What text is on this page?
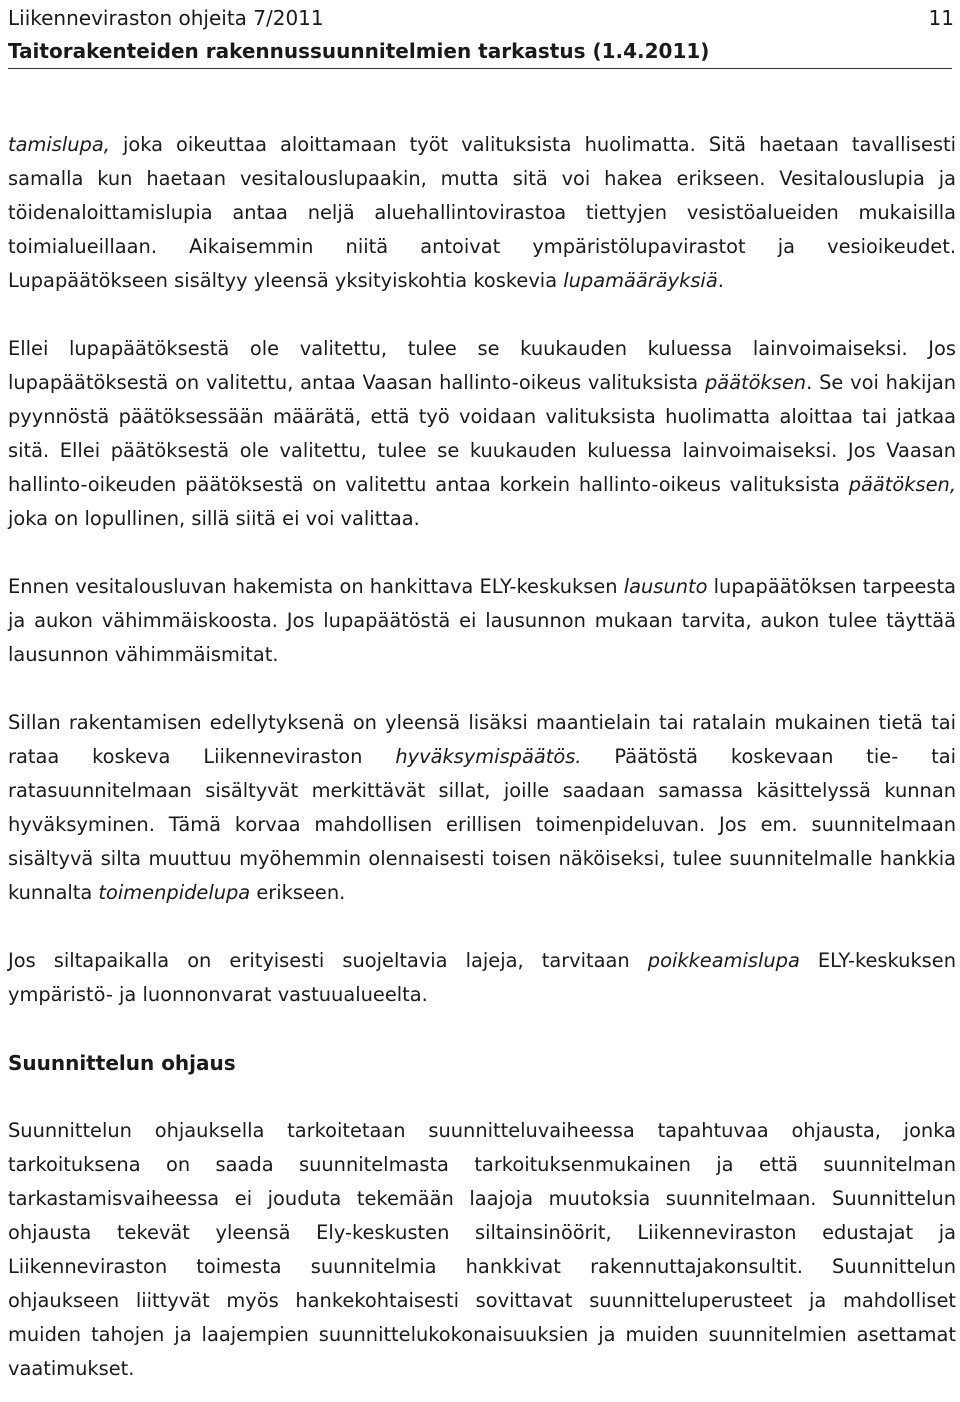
Liikenneviraston ohjeita 7/2011
Taitorakenteiden rakennussuunnitelmien tarkastus (1.4.2011)
11

tamislupa, joka oikeuttaa aloittamaan työt valituksista huolimatta. Sitä haetaan tavallisesti samalla kun haetaan vesitalouslupaakin, mutta sitä voi hakea erikseen. Vesitalouslupia ja töidenaloittamislupia antaa neljä aluehallintovirastoa tiettyjen vesistöalueiden mukaisilla toimialueillaan. Aikaisemmin niitä antoivat ympäristölupavirastot ja vesioikeudet. Lupapäätökseen sisältyy yleensä yksityiskohtia koskevia lupamääräyksiä.

Ellei lupapäätöksestä ole valitettu, tulee se kuukauden kuluessa lainvoimaiseksi. Jos lupapäätöksestä on valitettu, antaa Vaasan hallinto-oikeus valituksista päätöksen. Se voi hakijan pyynnöstä päätöksessään määrätä, että työ voidaan valituksista huolimatta aloittaa tai jatkaa sitä. Ellei päätöksestä ole valitettu, tulee se kuukauden kuluessa lainvoimaiseksi. Jos Vaasan hallinto-oikeuden päätöksestä on valitettu antaa korkein hallinto-oikeus valituksista päätöksen, joka on lopullinen, sillä siitä ei voi valittaa.

Ennen vesitalousluvan hakemista on hankittava ELY-keskuksen lausunto lupapäätöksen tarpeesta ja aukon vähimmäiskoosta. Jos lupapäätöstä ei lausunnon mukaan tarvita, aukon tulee täyttää lausunnon vähimmäismitat.

Sillan rakentamisen edellytyksenä on yleensä lisäksi maantielain tai ratalain mukainen tietä tai rataa koskeva Liikenneviraston hyväksymispäätös. Päätöstä koskevaan tie- tai ratasuunnitelmaan sisältyvät merkittävät sillat, joille saadaan samassa käsittelyssä kunnan hyväksyminen. Tämä korvaa mahdollisen erillisen toimenpideluvan. Jos em. suunnitelmaan sisältyvä silta muuttuu myöhemmin olennaisesti toisen näköiseksi, tulee suunnitelmalle hankkia kunnalta toimenpidelupa erikseen.

Jos siltapaikalla on erityisesti suojeltavia lajeja, tarvitaan poikkeamislupa ELY-keskuksen ympäristö- ja luonnonvarat vastuualueelta.

Suunnittelun ohjaus

Suunnittelun ohjauksella tarkoitetaan suunnitteluvaiheessa tapahtuvaa ohjausta, jonka tarkoituksena on saada suunnitelmasta tarkoituksenmukainen ja että suunnitelman tarkastamisvaiheessa ei jouduta tekemään laajoja muutoksia suunnitelmaan. Suunnittelun ohjausta tekevät yleensä Ely-keskusten siltainsinöörit, Liikenneviraston edustajat ja Liikenneviraston toimesta suunnitelmia hankkivat rakennuttajakonsultit. Suunnittelun ohjaukseen liittyvät myös hankekohtaisesti sovittavat suunnitteluperusteet ja mahdolliset muiden tahojen ja laajempien suunnittelukokonaisuuksien ja muiden suunnitelmien asettamat vaatimukset.
